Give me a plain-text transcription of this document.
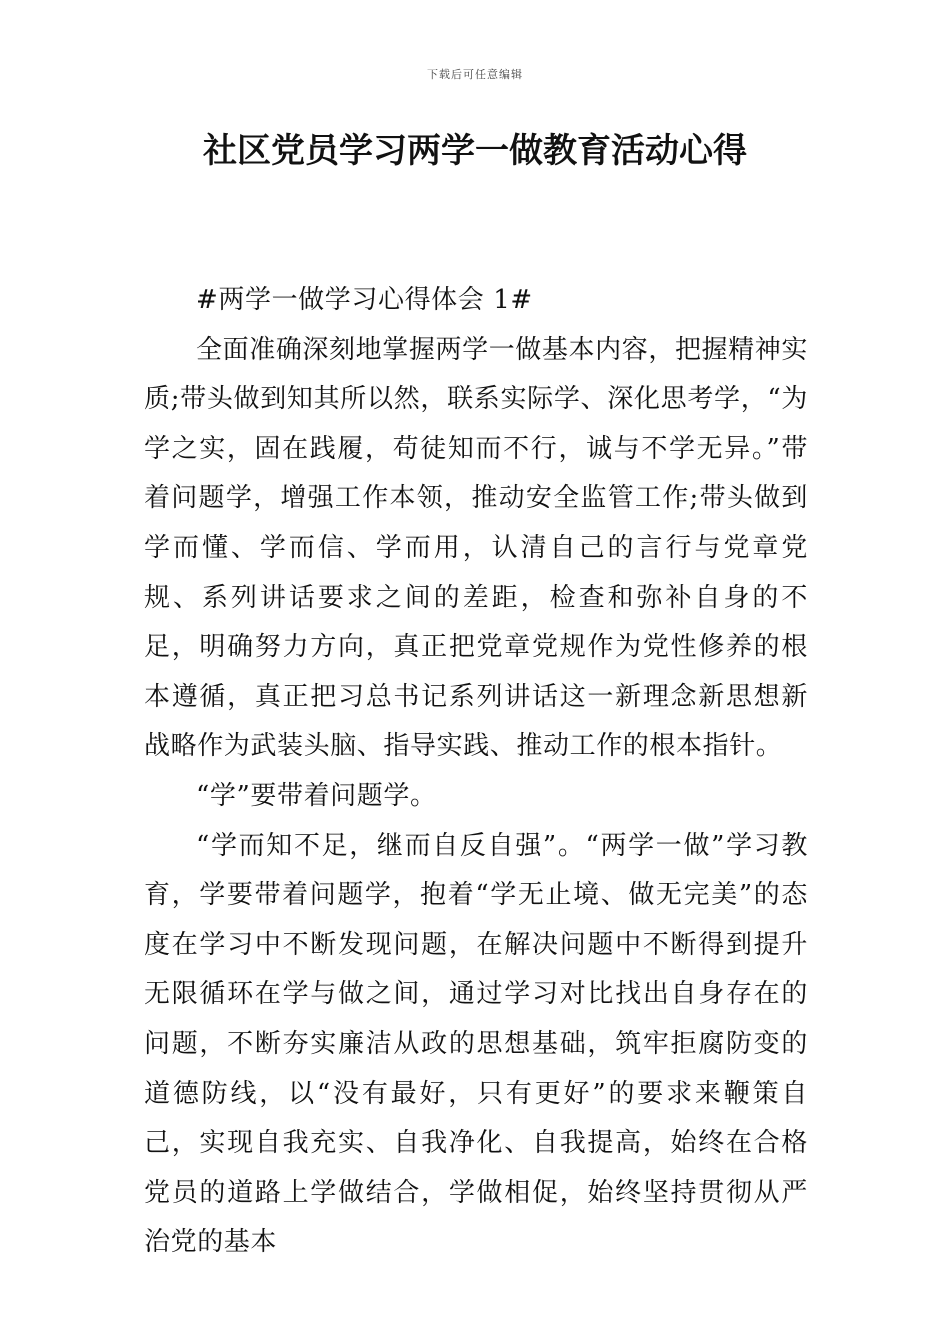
下载后可任意编辑
社区党员学习两学一做教育活动心得

#两学一做学习心得体会 1#

全面准确深刻地掌握两学一做基本内容，把握精神实质;带头做到知其所以然，联系实际学、深化思考学，“为学之实，固在践履，苟徒知而不行，诚与不学无异。”带着问题学，增强工作本领，推动安全监管工作;带头做到学而懂、学而信、学而用，认清自己的言行与党章党规、系列讲话要求之间的差距，检查和弥补自身的不足，明确努力方向，真正把党章党规作为党性修养的根本遵循，真正把习总书记系列讲话这一新理念新思想新战略作为武装头脑、指导实践、推动工作的根本指针。

“学”要带着问题学。

“学而知不足，继而自反自强”。“两学一做”学习教育，学要带着问题学，抱着“学无止境、做无完美”的态度在学习中不断发现问题，在解决问题中不断得到提升无限循环在学与做之间，通过学习对比找出自身存在的问题，不断夯实廉洁从政的思想基础，筑牢拒腐防变的道德防线，以“没有最好，只有更好”的要求来鞭策自己，实现自我充实、自我净化、自我提高，始终在合格党员的道路上学做结合，学做相促，始终坚持贯彻从严治党的基本
